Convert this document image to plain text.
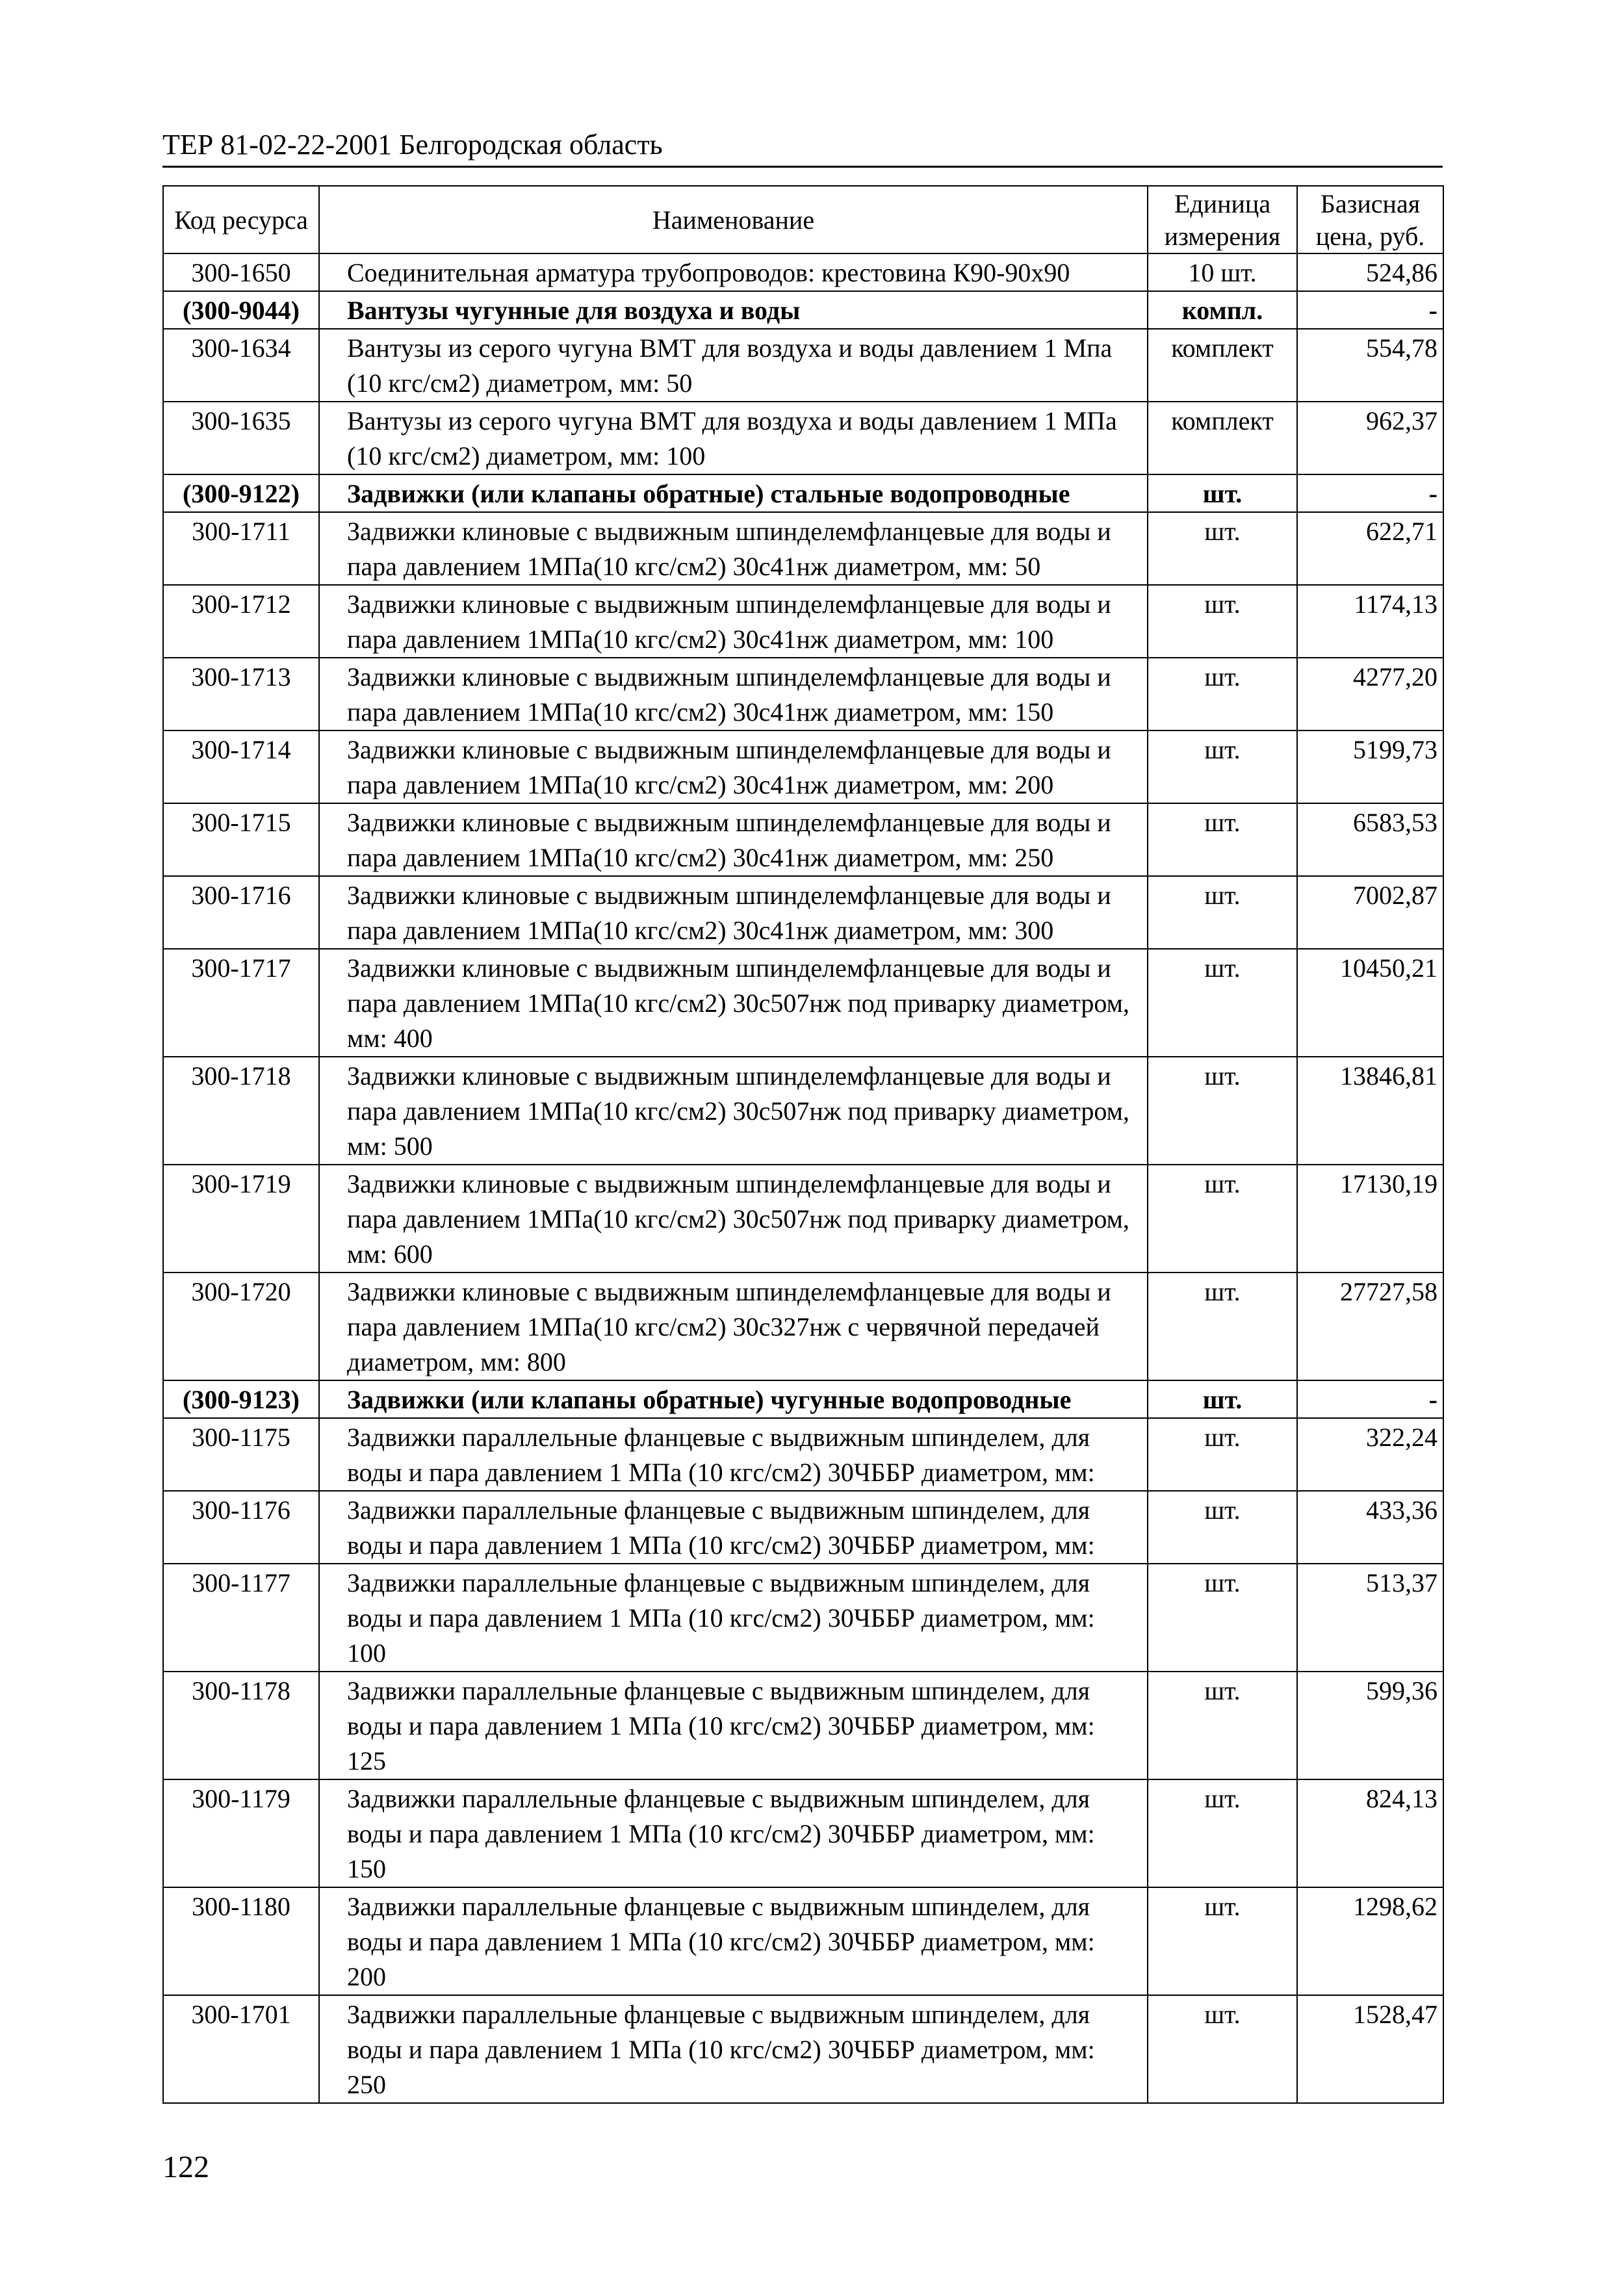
ТЕР 81-02-22-2001 Белгородская область
Код ресурса	Наименование	Единица измерения	Базисная цена, руб.
300-1650	Соединительная арматура трубопроводов: крестовина К90-90х90	10 шт.	524,86
(300-9044)	Вантузы чугунные для воздуха и воды	компл.	-
300-1634	Вантузы из серого чугуна ВМТ для воздуха и воды давлением 1 Мпа (10 кгс/см2) диаметром, мм: 50	комплект	554,78
300-1635	Вантузы из серого чугуна ВМТ для воздуха и воды давлением 1 МПа (10 кгс/см2) диаметром, мм: 100	комплект	962,37
(300-9122)	Задвижки (или клапаны обратные) стальные водопроводные	шт.	-
300-1711	Задвижки клиновые с выдвижным шпинделемфланцевые для воды и пара давлением 1МПа(10 кгс/см2) 30с41нж диаметром, мм: 50	шт.	622,71
300-1712	Задвижки клиновые с выдвижным шпинделемфланцевые для воды и пара давлением 1МПа(10 кгс/см2) 30с41нж диаметром, мм: 100	шт.	1174,13
300-1713	Задвижки клиновые с выдвижным шпинделемфланцевые для воды и пара давлением 1МПа(10 кгс/см2) 30с41нж диаметром, мм: 150	шт.	4277,20
300-1714	Задвижки клиновые с выдвижным шпинделемфланцевые для воды и пара давлением 1МПа(10 кгс/см2) 30с41нж диаметром, мм: 200	шт.	5199,73
300-1715	Задвижки клиновые с выдвижным шпинделемфланцевые для воды и пара давлением 1МПа(10 кгс/см2) 30с41нж диаметром, мм: 250	шт.	6583,53
300-1716	Задвижки клиновые с выдвижным шпинделемфланцевые для воды и пара давлением 1МПа(10 кгс/см2) 30с41нж диаметром, мм: 300	шт.	7002,87
300-1717	Задвижки клиновые с выдвижным шпинделемфланцевые для воды и пара давлением 1МПа(10 кгс/см2) 30с507нж под приварку диаметром, мм: 400	шт.	10450,21
300-1718	Задвижки клиновые с выдвижным шпинделемфланцевые для воды и пара давлением 1МПа(10 кгс/см2) 30с507нж под приварку диаметром, мм: 500	шт.	13846,81
300-1719	Задвижки клиновые с выдвижным шпинделемфланцевые для воды и пара давлением 1МПа(10 кгс/см2) 30с507нж под приварку диаметром, мм: 600	шт.	17130,19
300-1720	Задвижки клиновые с выдвижным шпинделемфланцевые для воды и пара давлением 1МПа(10 кгс/см2) 30с327нж с червячной передачей диаметром, мм: 800	шт.	27727,58
(300-9123)	Задвижки (или клапаны обратные) чугунные водопроводные	шт.	-
300-1175	Задвижки параллельные фланцевые с выдвижным шпинделем, для воды и пара давлением 1 МПа (10 кгс/см2) 30ЧББР диаметром, мм:	шт.	322,24
300-1176	Задвижки параллельные фланцевые с выдвижным шпинделем, для воды и пара давлением 1 МПа (10 кгс/см2) 30ЧББР диаметром, мм:	шт.	433,36
300-1177	Задвижки параллельные фланцевые с выдвижным шпинделем, для воды и пара давлением 1 МПа (10 кгс/см2) 30ЧББР диаметром, мм: 100	шт.	513,37
300-1178	Задвижки параллельные фланцевые с выдвижным шпинделем, для воды и пара давлением 1 МПа (10 кгс/см2) 30ЧББР диаметром, мм: 125	шт.	599,36
300-1179	Задвижки параллельные фланцевые с выдвижным шпинделем, для воды и пара давлением 1 МПа (10 кгс/см2) 30ЧББР диаметром, мм: 150	шт.	824,13
300-1180	Задвижки параллельные фланцевые с выдвижным шпинделем, для воды и пара давлением 1 МПа (10 кгс/см2) 30ЧББР диаметром, мм: 200	шт.	1298,62
300-1701	Задвижки параллельные фланцевые с выдвижным шпинделем, для воды и пара давлением 1 МПа (10 кгс/см2) 30ЧББР диаметром, мм: 250	шт.	1528,47
122
